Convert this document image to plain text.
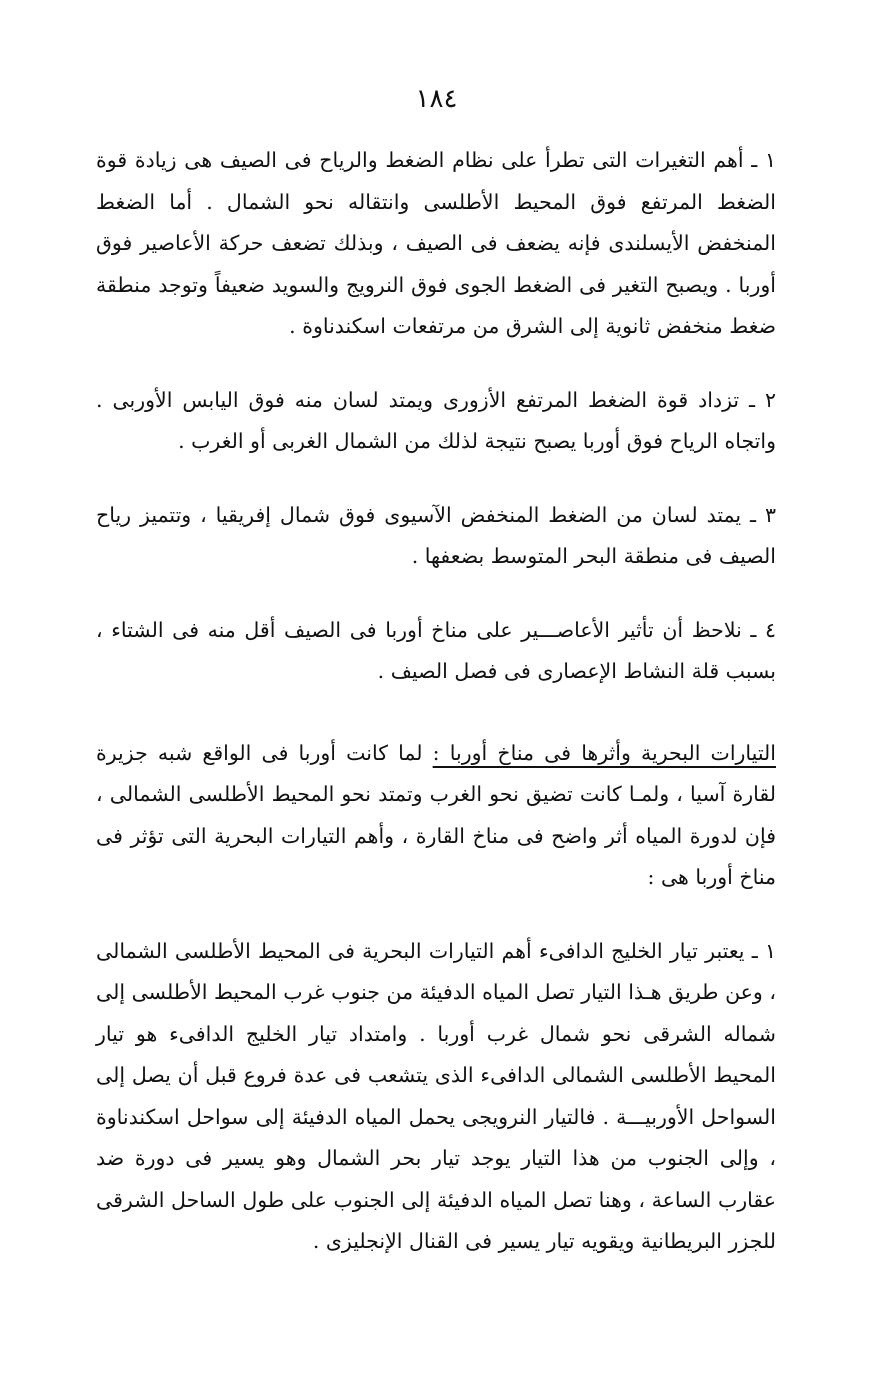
١٨٤

١ ـ أهم التغيرات التى تطرأ على نظام الضغط والرياح فى الصيف هى زيادة قوة الضغط المرتفع فوق المحيط الأطلسى وانتقاله نحو الشمال . أما الضغط المنخفض الأيسلندى فإنه يضعف فى الصيف ، وبذلك تضعف حركة الأعاصير فوق أوربا . ويصبح التغير فى الضغط الجوى فوق النرويج والسويد ضعيفاً وتوجد منطقة ضغط منخفض ثانوية إلى الشرق من مرتفعات اسكندناوة .

٢ ـ تزداد قوة الضغط المرتفع الأزورى ويمتد لسان منه فوق اليابس الأوربى . واتجاه الرياح فوق أوربا يصبح نتيجة لذلك من الشمال الغربى أو الغرب .

٣ ـ يمتد لسان من الضغط المنخفض الآسيوى فوق شمال إفريقيا ، وتتميز رياح الصيف فى منطقة البحر المتوسط بضعفها .

٤ ـ نلاحظ أن تأثير الأعاصـــير على مناخ أوربا فى الصيف أقل منه فى الشتاء ، بسبب قلة النشاط الإعصارى فى فصل الصيف .

التيارات البحرية وأثرها فى مناخ أوربا : لما كانت أوربا فى الواقع شبه جزيرة لقارة آسيا ، ولمـا كانت تضيق نحو الغرب وتمتد نحو المحيط الأطلسى الشمالى ، فإن لدورة المياه أثر واضح فى مناخ القارة ، وأهم التيارات البحرية التى تؤثر فى مناخ أوربا هى :

١ ـ يعتبر تيار الخليج الدافىء أهم التيارات البحرية فى المحيط الأطلسى الشمالى ، وعن طريق هـذا التيار تصل المياه الدفيئة من جنوب غرب المحيط الأطلسى إلى شماله الشرقى نحو شمال غرب أوربا . وامتداد تيار الخليج الدافىء هو تيار المحيط الأطلسى الشمالى الدافىء الذى يتشعب فى عدة فروع قبل أن يصل إلى السواحل الأوربيـــة . فالتيار النرويجى يحمل المياه الدفيئة إلى سواحل اسكندناوة ، وإلى الجنوب من هذا التيار يوجد تيار بحر الشمال وهو يسير فى دورة ضد عقارب الساعة ، وهنا تصل المياه الدفيئة إلى الجنوب على طول الساحل الشرقى للجزر البريطانية ويقويه تيار يسير فى القنال الإنجليزى .
